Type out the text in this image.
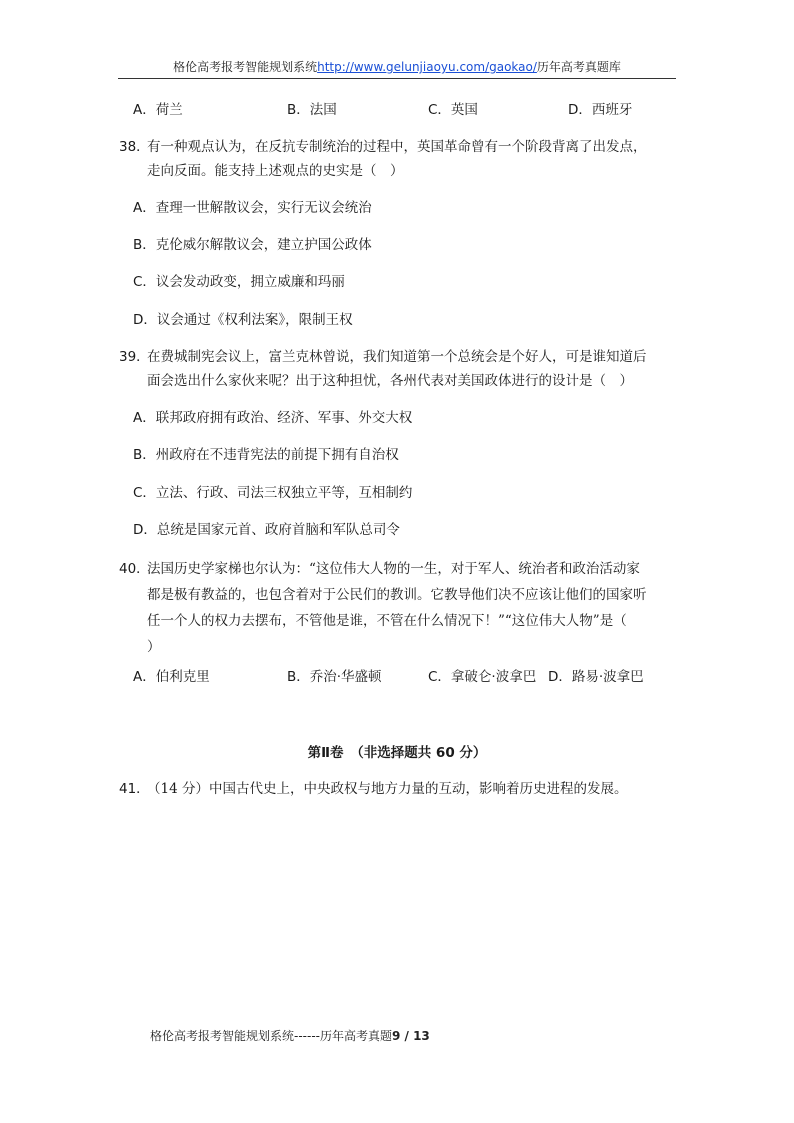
格伦高考报考智能规划系统http://www.gelunjiaoyu.com/gaokao/历年高考真题库
A．荷兰	B．法国	C．英国	D．西班牙
38．
有一种观点认为，在反抗专制统治的过程中，英国革命曾有一个阶段背离了出发点，
走向反面。能支持上述观点的史实是（　）
A．查理一世解散议会，实行无议会统治
B．克伦威尔解散议会，建立护国公政体
C．议会发动政变，拥立威廉和玛丽
D．议会通过《权利法案》，限制王权
39．
在费城制宪会议上，富兰克林曾说，我们知道第一个总统会是个好人，可是谁知道后
面会选出什么家伙来呢？出于这种担忧，各州代表对美国政体进行的设计是（　）
A．联邦政府拥有政治、经济、军事、外交大权
B．州政府在不违背宪法的前提下拥有自治权
C．立法、行政、司法三权独立平等，互相制约
D．总统是国家元首、政府首脑和军队总司令
40．
法国历史学家梯也尔认为：“这位伟大人物的一生，对于军人、统治者和政治活动家
都是极有教益的，也包含着对于公民们的教训。它教导他们决不应该让他们的国家听
任一个人的权力去摆布，不管他是谁，不管在什么情况下！”“这位伟大人物”是（
）
A．伯利克里	B．乔治·华盛顿	C．拿破仑·波拿巴 D．路易·波拿巴
第Ⅱ卷　（非选择题共 60 分）
41．
（14 分）中国古代史上，中央政权与地方力量的互动，影响着历史进程的发展。
格伦高考报考智能规划系统------历年高考真题9 / 13
